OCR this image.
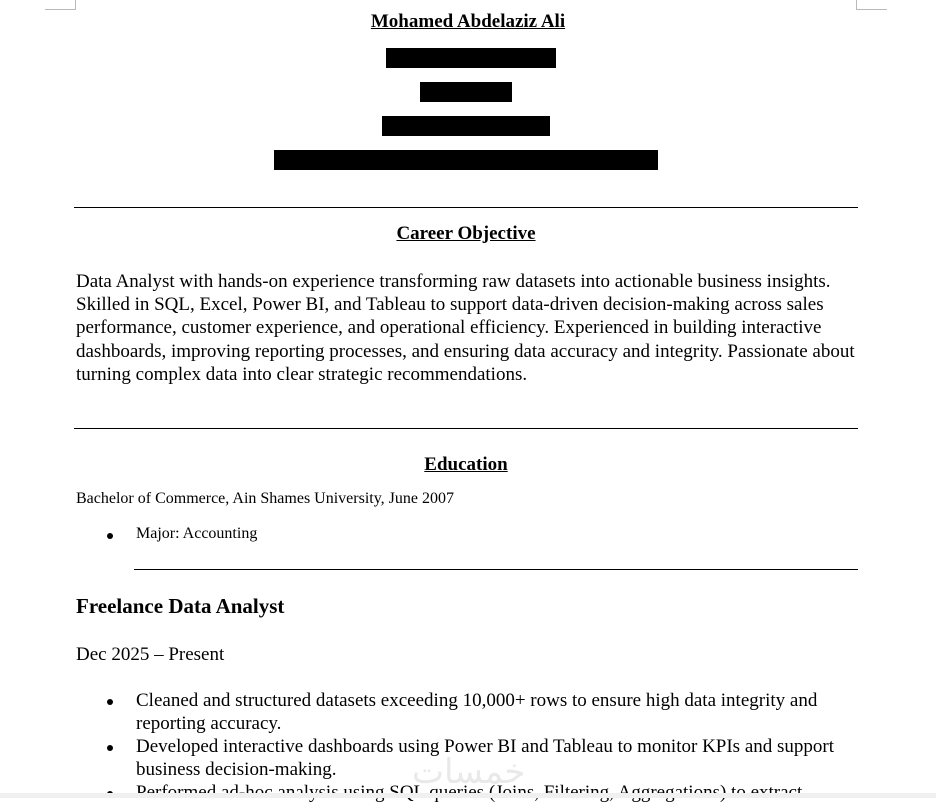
Mohamed Abdelaziz Ali
Career Objective
Data Analyst with hands-on experience transforming raw datasets into actionable business insights. Skilled in SQL, Excel, Power BI, and Tableau to support data-driven decision-making across sales performance, customer experience, and operational efficiency. Experienced in building interactive dashboards, improving reporting processes, and ensuring data accuracy and integrity. Passionate about turning complex data into clear strategic recommendations.
Education
Bachelor of Commerce, Ain Shames University, June 2007
Major: Accounting
Freelance Data Analyst
Dec 2025 – Present
Cleaned and structured datasets exceeding 10,000+ rows to ensure high data integrity and reporting accuracy.
Developed interactive dashboards using Power BI and Tableau to monitor KPIs and support business decision-making.	خمسات
